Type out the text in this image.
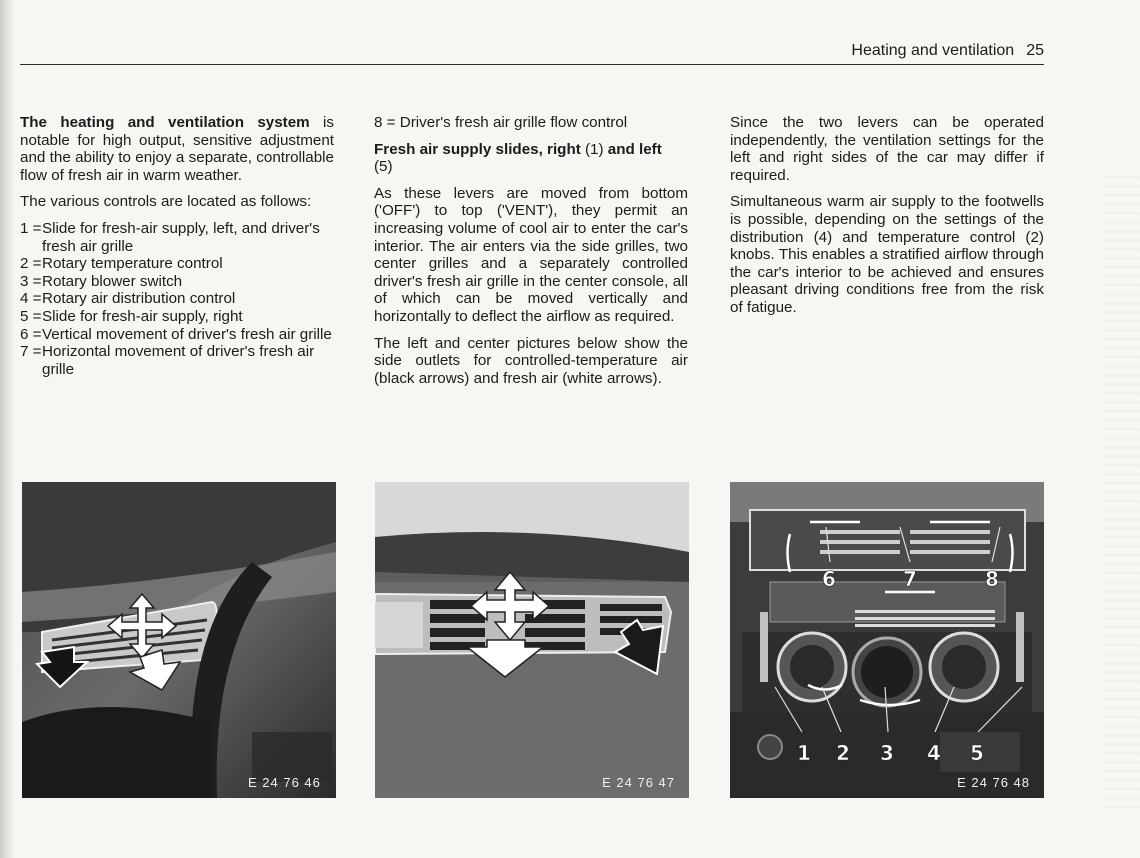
Heating and ventilation 25

The heating and ventilation system is notable for high output, sensitive adjustment and the ability to enjoy a separate, controllable flow of fresh air in warm weather.

The various controls are located as follows:

1 = Slide for fresh-air supply, left, and driver's fresh air grille
2 = Rotary temperature control
3 = Rotary blower switch
4 = Rotary air distribution control
5 = Slide for fresh-air supply, right
6 = Vertical movement of driver's fresh air grille
7 = Horizontal movement of driver's fresh air grille

8 = Driver's fresh air grille flow control

Fresh air supply slides, right (1) and left
(5)

As these levers are moved from bottom ('OFF') to top ('VENT'), they permit an increasing volume of cool air to enter the car's interior. The air enters via the side grilles, two center grilles and a separately controlled driver's fresh air grille in the center console, all of which can be moved vertically and horizontally to deflect the airflow as required.

The left and center pictures below show the side outlets for controlled-temperature air (black arrows) and fresh air (white arrows).

Since the two levers can be operated independently, the ventilation settings for the left and right sides of the car may differ if required.

Simultaneous warm air supply to the footwells is possible, depending on the settings of the distribution (4) and temperature control (2) knobs. This enables a stratified airflow through the car's interior to be achieved and ensures pleasant driving conditions free from the risk of fatigue.

E 24 76 46	E 24 76 47
1 2 3 4 5
6	7	8
E 24 76 48
